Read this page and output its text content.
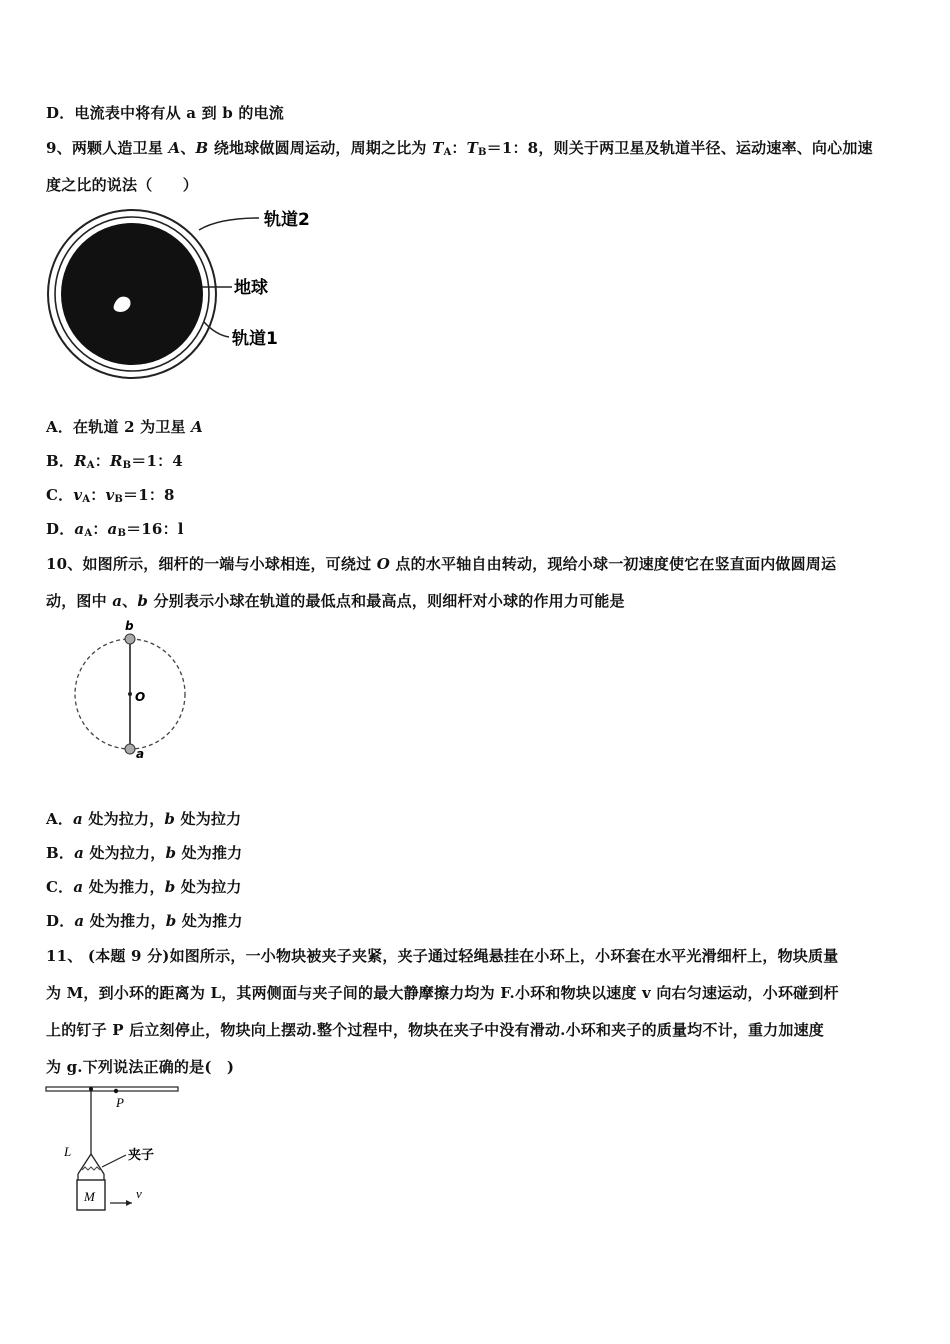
D．电流表中将有从 a 到 b 的电流
9、两颗人造卫星 A、B 绕地球做圆周运动，周期之比为 $T_A$：$T_B=1$：8，则关于两卫星及轨道半径、运动速率、向心加速
度之比的说法（　　）
轨道2
地球
轨道1
A．在轨道 2 为卫星 A
B．$R_A$：$R_B=1$：4
C．$v_A$：$v_B=1$：8
D．$a_A$：$a_B=16$：l
10、如图所示，细杆的一端与小球相连，可绕过 O 点的水平轴自由转动，现给小球一初速度使它在竖直面内做圆周运
动，图中 a、b 分别表示小球在轨道的最低点和最高点，则细杆对小球的作用力可能是
b
O
a
A．a 处为拉力，b 处为拉力
B．a 处为拉力，b 处为推力
C．a 处为推力，b 处为拉力
D．a 处为推力，b 处为推力
11、 (本题 9 分)如图所示，一小物块被夹子夹紧，夹子通过轻绳悬挂在小环上，小环套在水平光滑细杆上，物块质量
为 M，到小环的距离为 L，其两侧面与夹子间的最大静摩擦力均为 F.小环和物块以速度 v 向右匀速运动，小环碰到杆
上的钉子 P 后立刻停止，物块向上摆动.整个过程中，物块在夹子中没有滑动.小环和夹子的质量均不计，重力加速度
为 g.下列说法正确的是(　)
P
L	夹子
M	v
